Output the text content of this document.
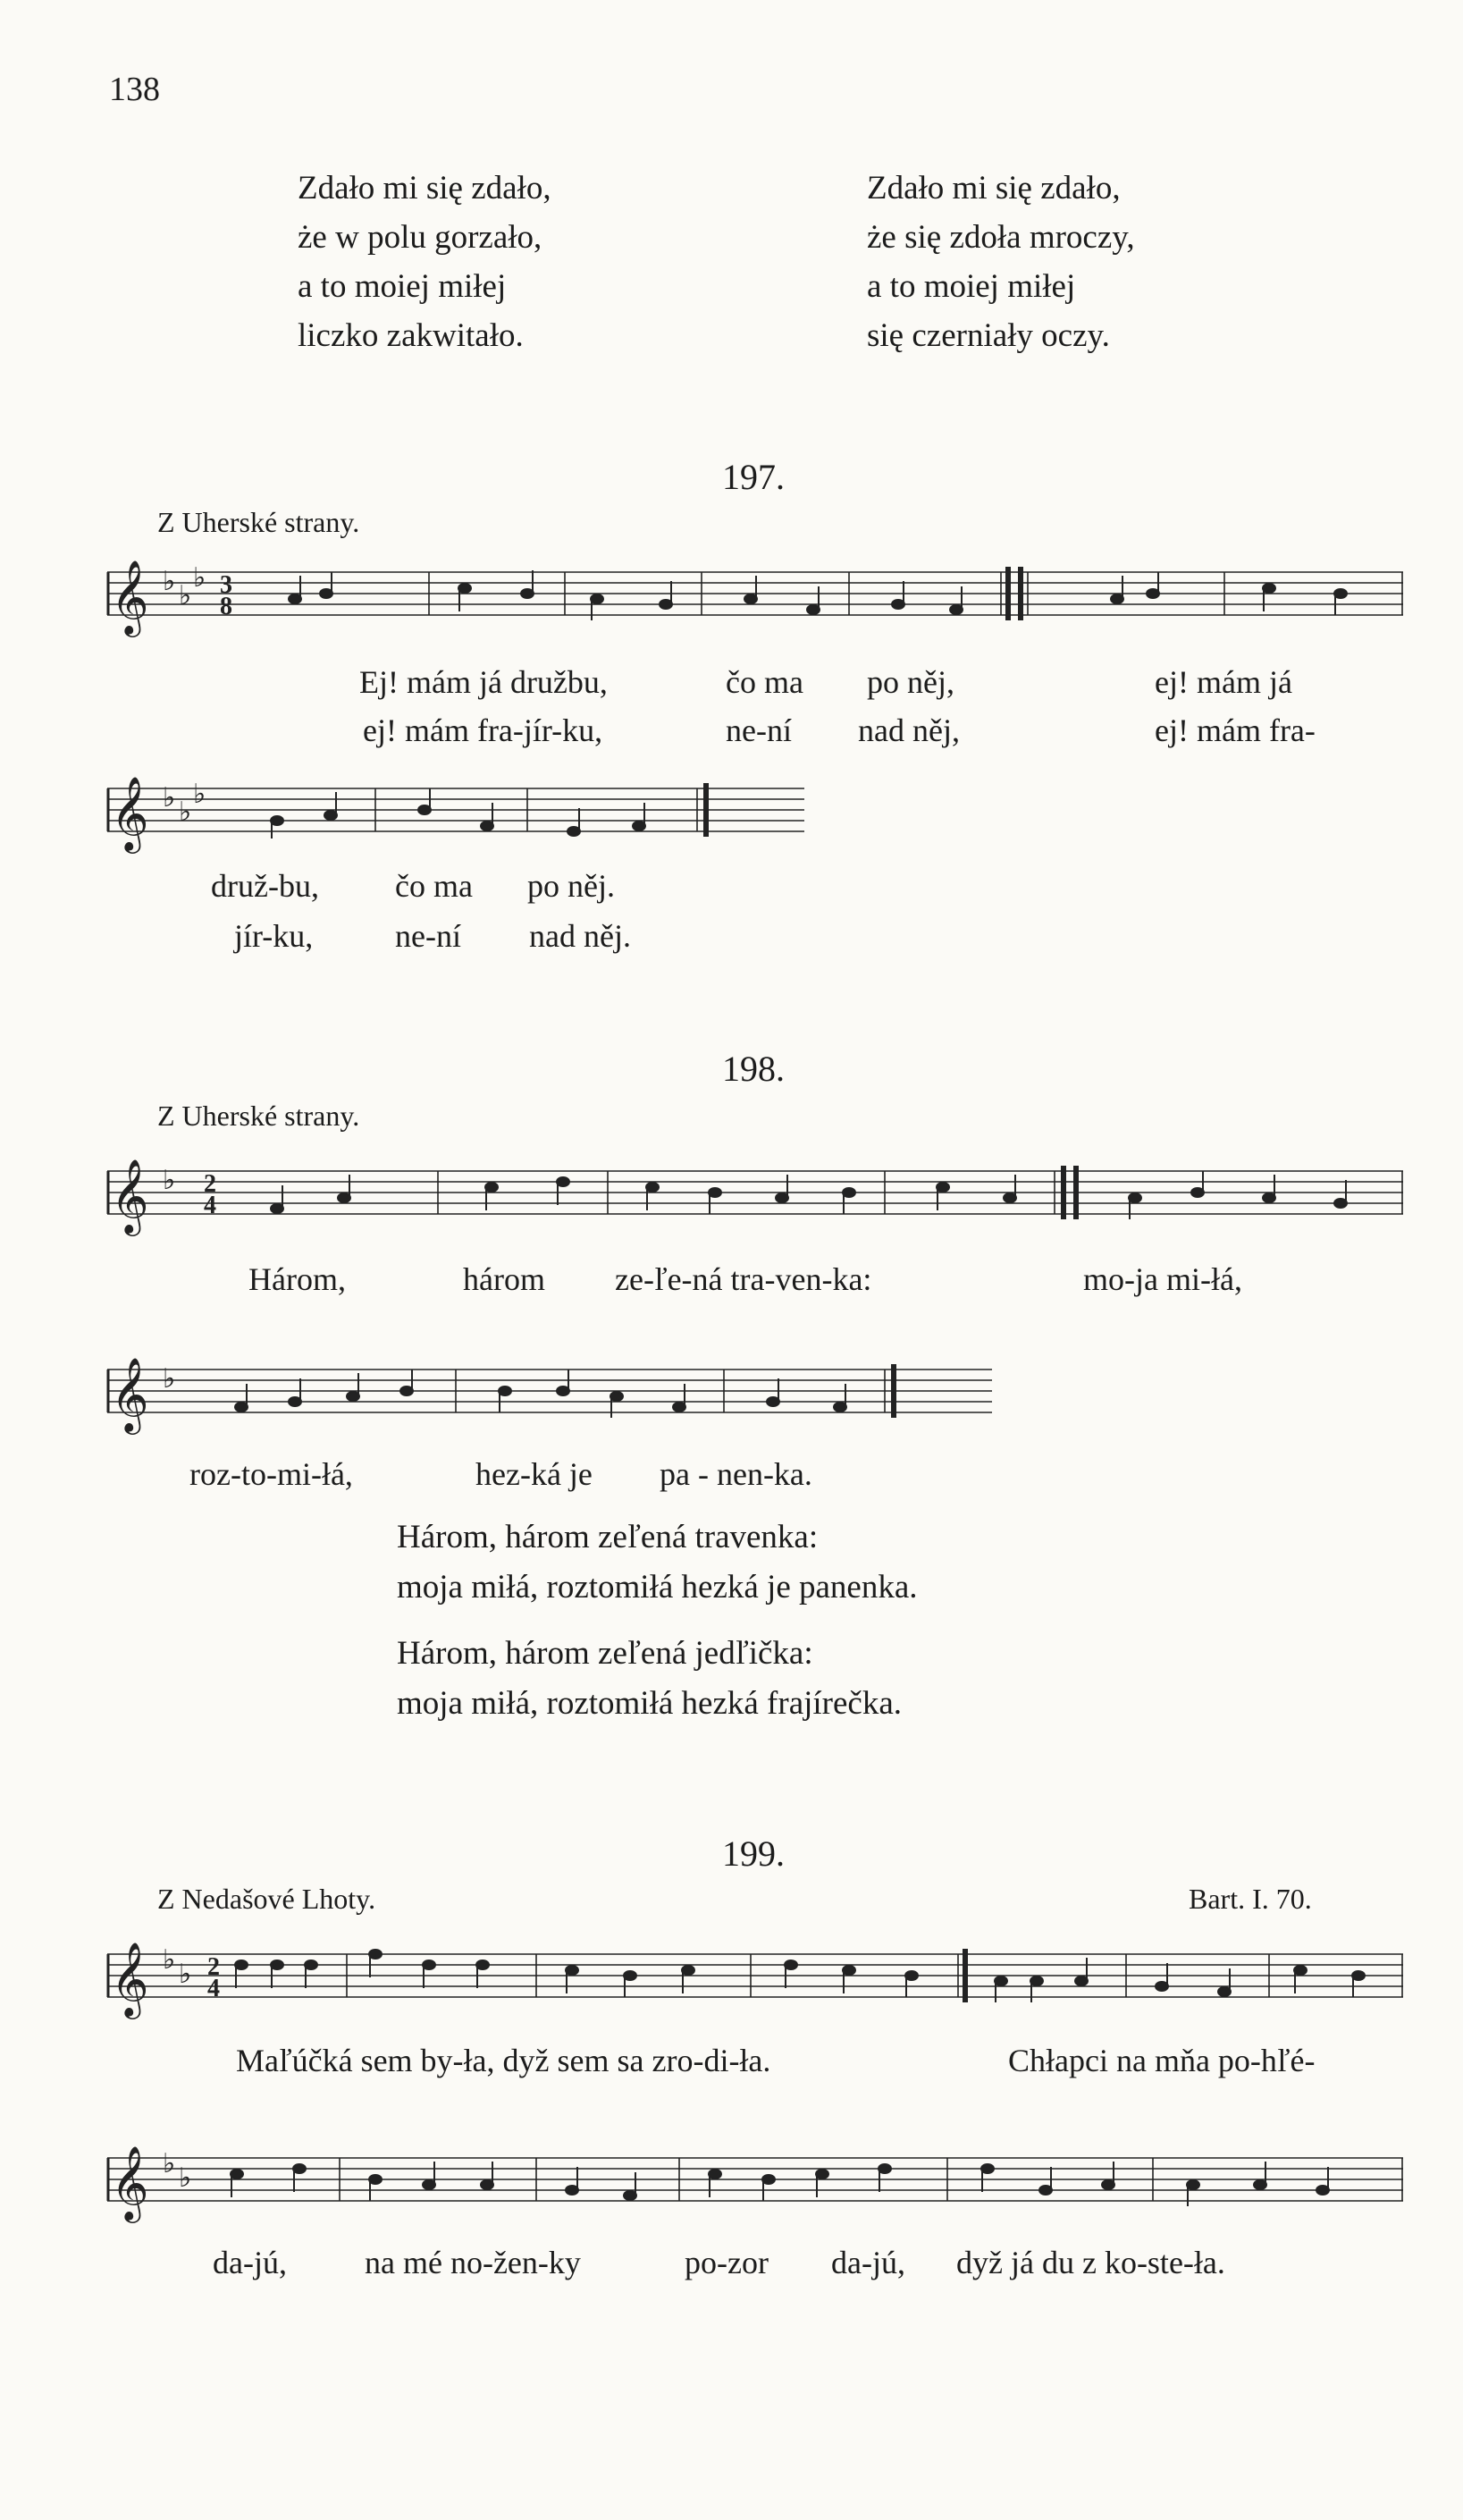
138
Zdało mi się zdało,
że w polu gorzało,
a to moiej miłej
liczko zakwitało.
Zdało mi się zdało,
że się zdoła mroczy,
a to moiej miłej
się czerniały oczy.
197.
Z Uherské strany.
𝄞 ♭ ♭
♭ 3
8
Ej! mám já družbu,	čo ma po něj,	ej! mám já
ej! mám fra-jír-ku,	ne-ní nad něj,	ej! mám fra-
𝄞 ♭ ♭
♭
druž-bu, čo ma po něj.
jír-ku,	ne-ní nad něj.
198.
Z Uherské strany.
𝄞 ♭ 2
4
Három,	három ze-ľe-ná tra-ven-ka:	mo-ja mi-łá,
𝄞 ♭
roz-to-mi-łá,	hez-ká je pa - nen-ka.
Három, három zeľená travenka:
moja miłá, roztomiłá hezká je panenka.
Három, három zeľená jedľička:
moja miłá, roztomiłá hezká frajírečka.
199.
Z Nedašové Lhoty.	Bart. I. 70.
𝄞 ♭ ♭ 2
4
Maľúčká sem by-ła, dyž sem sa zro-di-ła.	Chłapci na mňa po-hľé-
𝄞 ♭ ♭
da-jú, na mé no-žen-ky	po-zor da-jú, dyž já du z ko-ste-ła.
